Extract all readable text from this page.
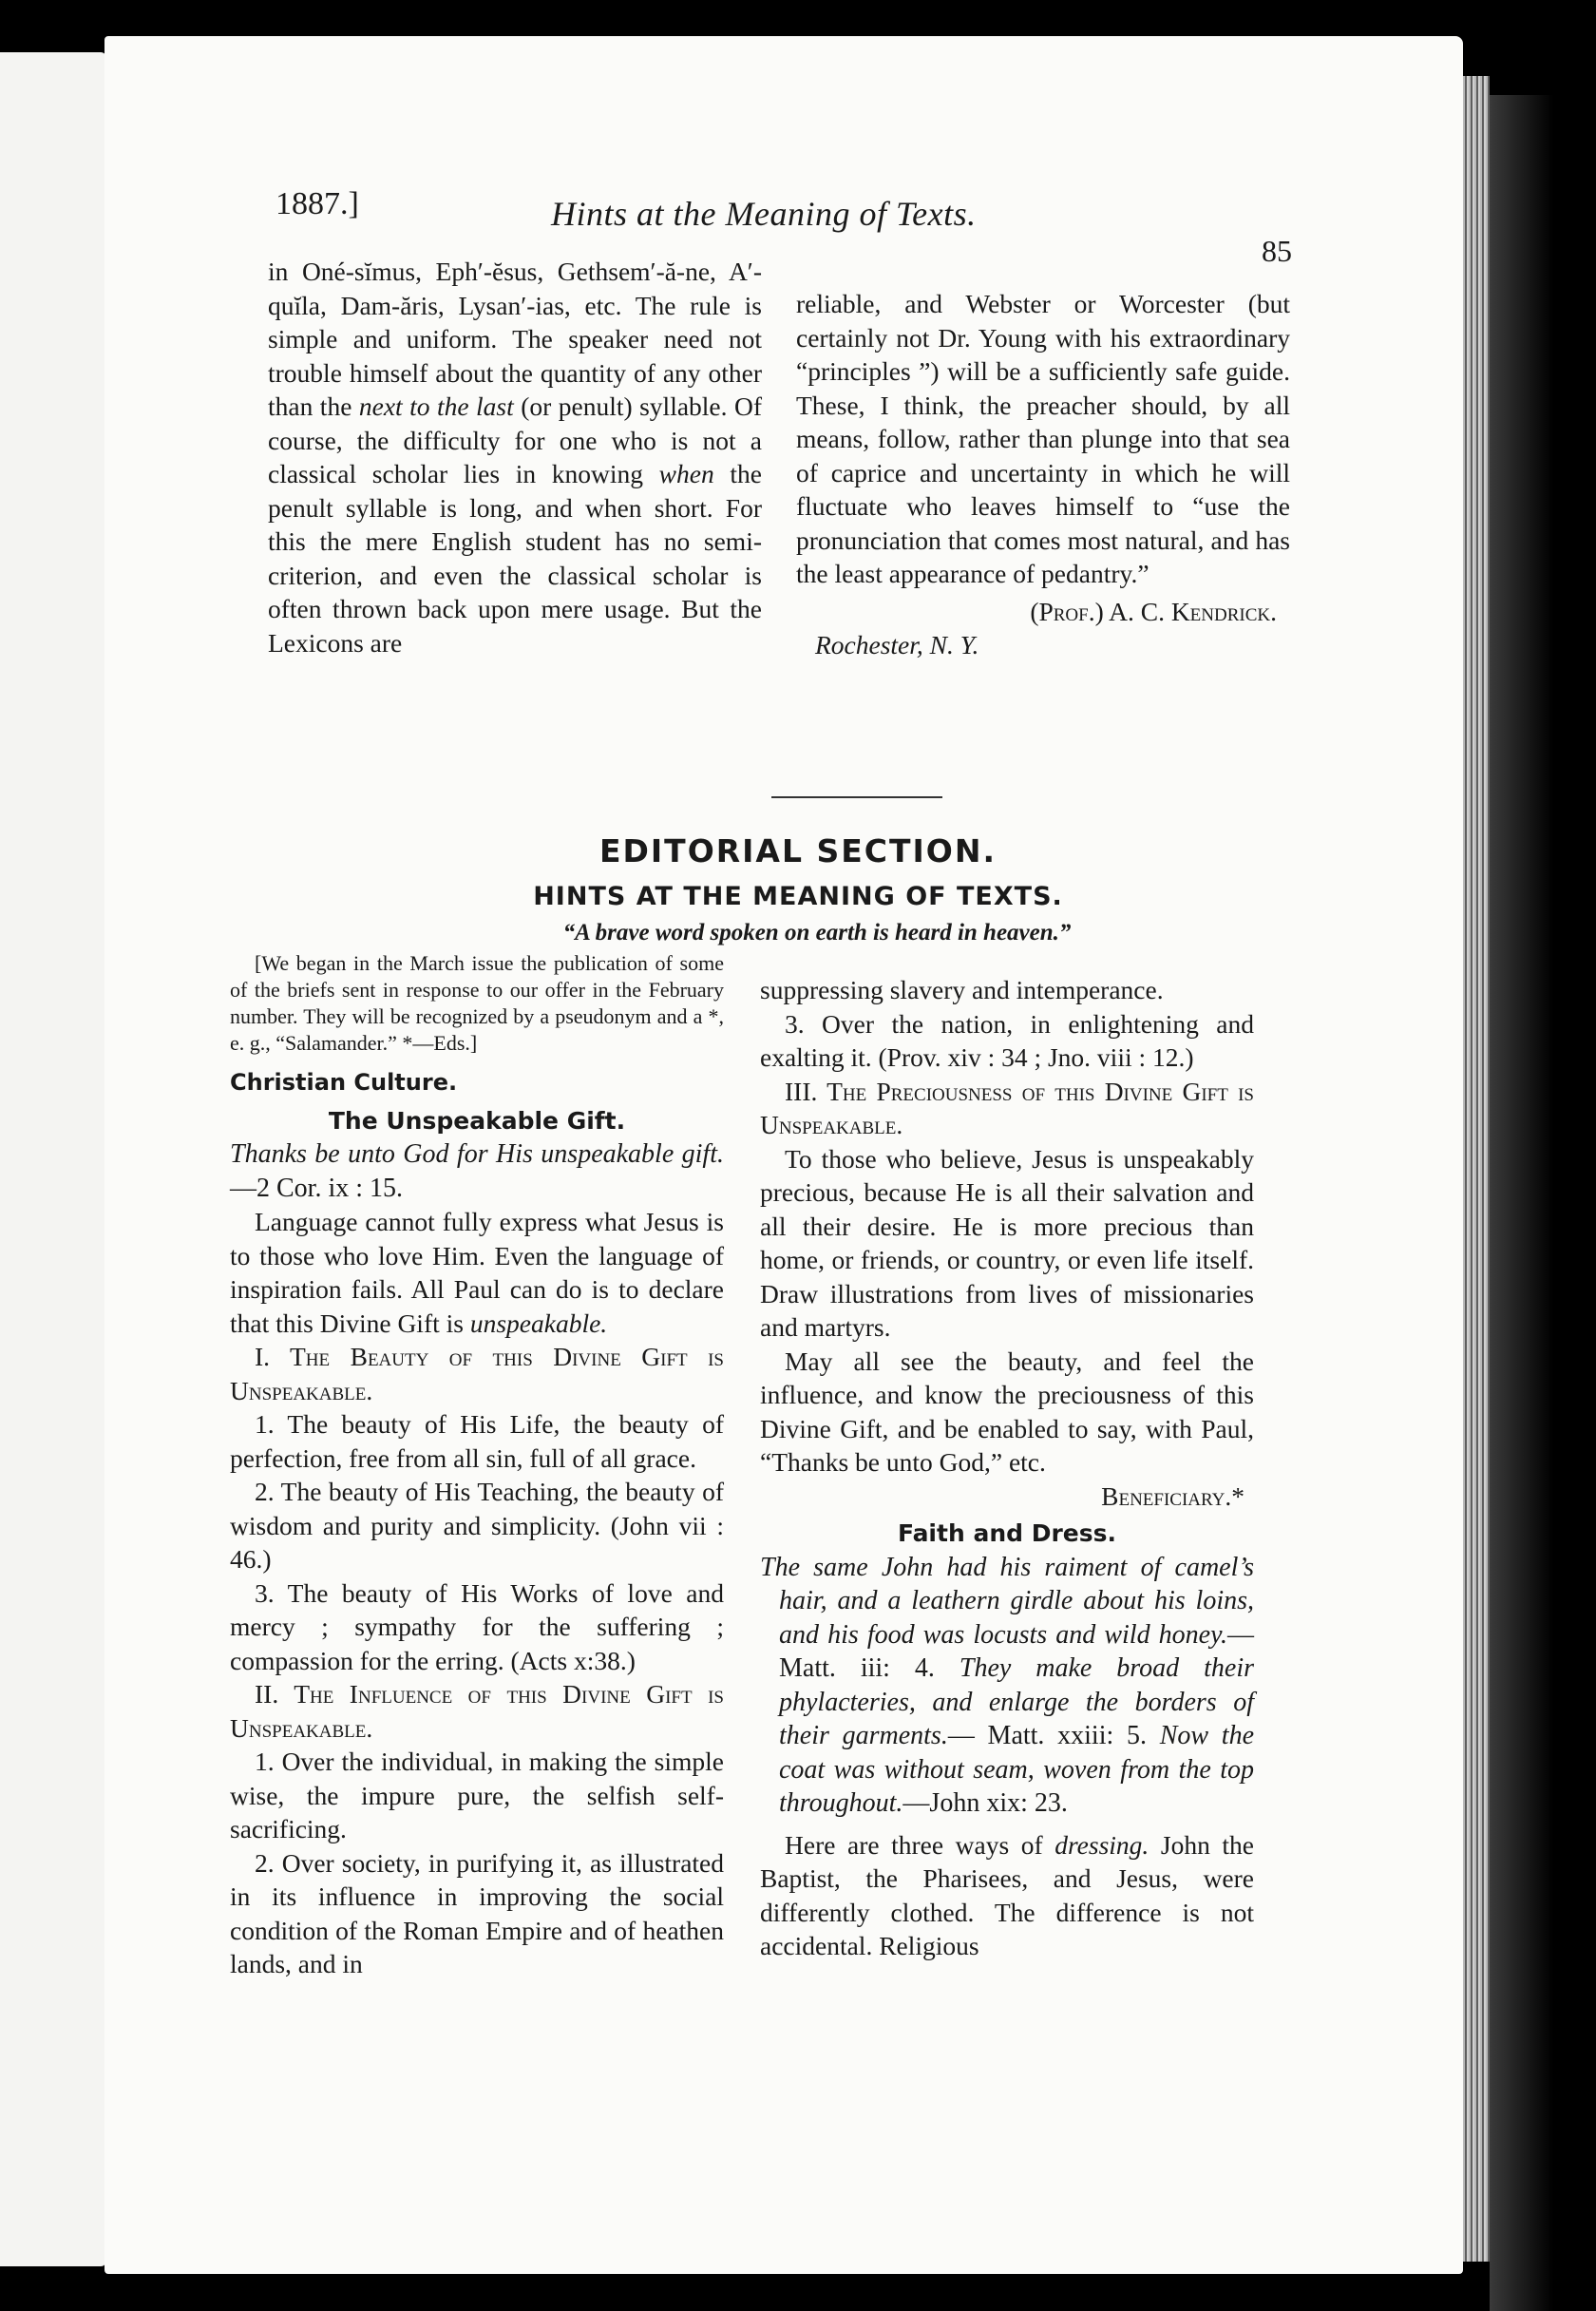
1887.]	Hints at the Meaning of Texts.
85

in Oné-sĭmus, Eph′-ĕsus, Gethsem′-ă-ne, A′-quĭla, Dam-ăris, Lysan′-ias, etc. The rule is simple and uniform. The speaker need not trouble himself about the quantity of any other than the next to the last (or penult) syllable. Of course, the difficulty for one who is not a classical scholar lies in knowing when the penult syllable is long, and when short. For this the mere English student has no semi-criterion, and even the classical scholar is often thrown back upon mere usage. But the Lexicons are

reliable, and Webster or Worcester (but certainly not Dr. Young with his extraordinary “principles ”) will be a sufficiently safe guide. These, I think, the preacher should, by all means, follow, rather than plunge into that sea of caprice and uncertainty in which he will fluctuate who leaves himself to “use the pronunciation that comes most natural, and has the least appearance of pedantry.”

(Prof.) A. C. Kendrick.

Rochester, N. Y.

EDITORIAL SECTION.
HINTS AT THE MEANING OF TEXTS.
“A brave word spoken on earth is heard in heaven.”

[We began in the March issue the publication of some of the briefs sent in response to our offer in the February number. They will be recognized by a pseudonym and a *, e. g., “Salamander.” *—Eds.]

Christian Culture.

The Unspeakable Gift.

Thanks be unto God for His unspeakable gift.—2 Cor. ix : 15.

Language cannot fully express what Jesus is to those who love Him. Even the language of inspiration fails. All Paul can do is to declare that this Divine Gift is unspeakable.

I. The Beauty of this Divine Gift is Unspeakable.

1. The beauty of His Life, the beauty of perfection, free from all sin, full of all grace.

2. The beauty of His Teaching, the beauty of wisdom and purity and simplicity. (John vii : 46.)

3. The beauty of His Works of love and mercy ; sympathy for the suffering ; compassion for the erring. (Acts x:38.)

II. The Influence of this Divine Gift is Unspeakable.

1. Over the individual, in making the simple wise, the impure pure, the selfish self-sacrificing.

2. Over society, in purifying it, as illustrated in its influence in improving the social condition of the Roman Empire and of heathen lands, and in

suppressing slavery and intemperance.

3. Over the nation, in enlightening and exalting it. (Prov. xiv : 34 ; Jno. viii : 12.)

III. The Preciousness of this Divine Gift is Unspeakable.

To those who believe, Jesus is unspeakably precious, because He is all their salvation and all their desire. He is more precious than home, or friends, or country, or even life itself. Draw illustrations from lives of missionaries and martyrs.

May all see the beauty, and feel the influence, and know the preciousness of this Divine Gift, and be enabled to say, with Paul, “Thanks be unto God,” etc.

Beneficiary.*

Faith and Dress.

The same John had his raiment of camel’s hair, and a leathern girdle about his loins, and his food was locusts and wild honey.— Matt. iii: 4. They make broad their phylacteries, and enlarge the borders of their garments.— Matt. xxiii: 5. Now the coat was without seam, woven from the top throughout.—John xix: 23.

Here are three ways of dressing. John the Baptist, the Pharisees, and Jesus, were differently clothed. The difference is not accidental. Religious
